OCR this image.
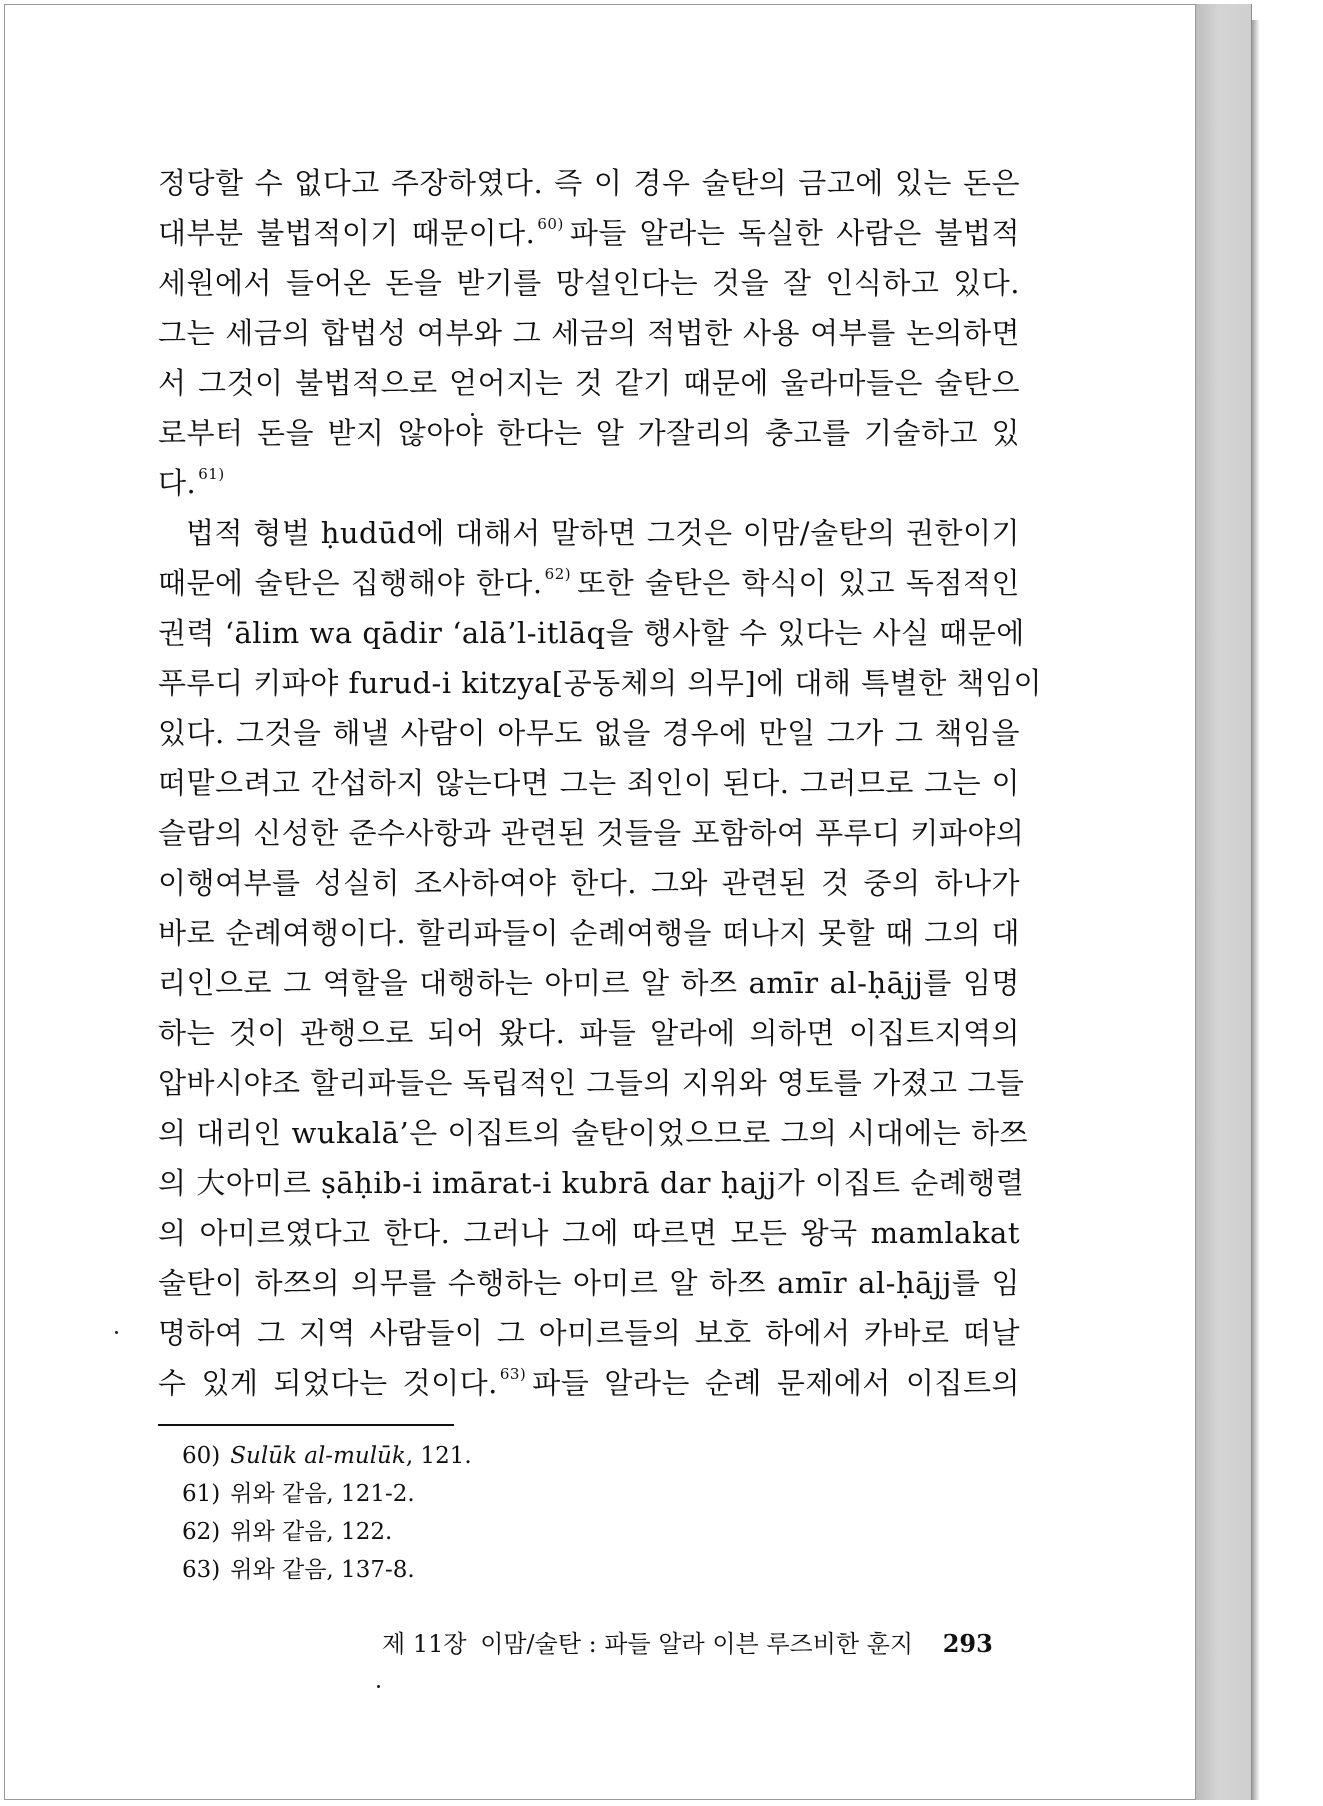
정당할 수 없다고 주장하였다. 즉 이 경우 술탄의 금고에 있는 돈은
대부분 불법적이기 때문이다. $^{60)}$ 파들 알라는 독실한 사람은 불법적
세원에서 들어온 돈을 받기를 망설인다는 것을 잘 인식하고 있다.
그는 세금의 합법성 여부와 그 세금의 적법한 사용 여부를 논의하면
서 그것이 불법적으로 얻어지는 것 같기 때문에 울라마들은 술탄으
로부터 돈을 받지 않아야 한다는 알 가잘리의 충고를 기술하고 있
다. $^{61)}$
법적 형벌 ḥudūd에 대해서 말하면 그것은 이맘/술탄의 권한이기
때문에 술탄은 집행해야 한다. $^{62)}$ 또한 술탄은 학식이 있고 독점적인
권력 ‘ālim wa qādir ‘alā’l-itlāq을 행사할 수 있다는 사실 때문에
푸루디 키파야 furud-i kitzya[공동체의 의무]에 대해 특별한 책임이
있다. 그것을 해낼 사람이 아무도 없을 경우에 만일 그가 그 책임을
떠맡으려고 간섭하지 않는다면 그는 죄인이 된다. 그러므로 그는 이
슬람의 신성한 준수사항과 관련된 것들을 포함하여 푸루디 키파야의
이행여부를 성실히 조사하여야 한다. 그와 관련된 것 중의 하나가
바로 순례여행이다. 할리파들이 순례여행을 떠나지 못할 때 그의 대
리인으로 그 역할을 대행하는 아미르 알 하쯔 amīr al-ḥājj를 임명
하는 것이 관행으로 되어 왔다. 파들 알라에 의하면 이집트지역의
압바시야조 할리파들은 독립적인 그들의 지위와 영토를 가졌고 그들
의 대리인 wukalā’은 이집트의 술탄이었으므로 그의 시대에는 하쯔
의 大아미르 ṣāḥib-i imārat-i kubrā dar ḥajj가 이집트 순례행렬
의 아미르였다고 한다. 그러나 그에 따르면 모든 왕국 mamlakat
술탄이 하쯔의 의무를 수행하는 아미르 알 하쯔 amīr al-ḥājj를 임
명하여 그 지역 사람들이 그 아미르들의 보호 하에서 카바로 떠날
수 있게 되었다는 것이다. $^{63)}$ 파들 알라는 순례 문제에서 이집트의
60) Sulūk al-mulūk, 121.
61) 위와 같음, 121-2.
62) 위와 같음, 122.
63) 위와 같음, 137-8.
제 11장 이맘/술탄 : 파들 알라 이븐 루즈비한 훈지 293
